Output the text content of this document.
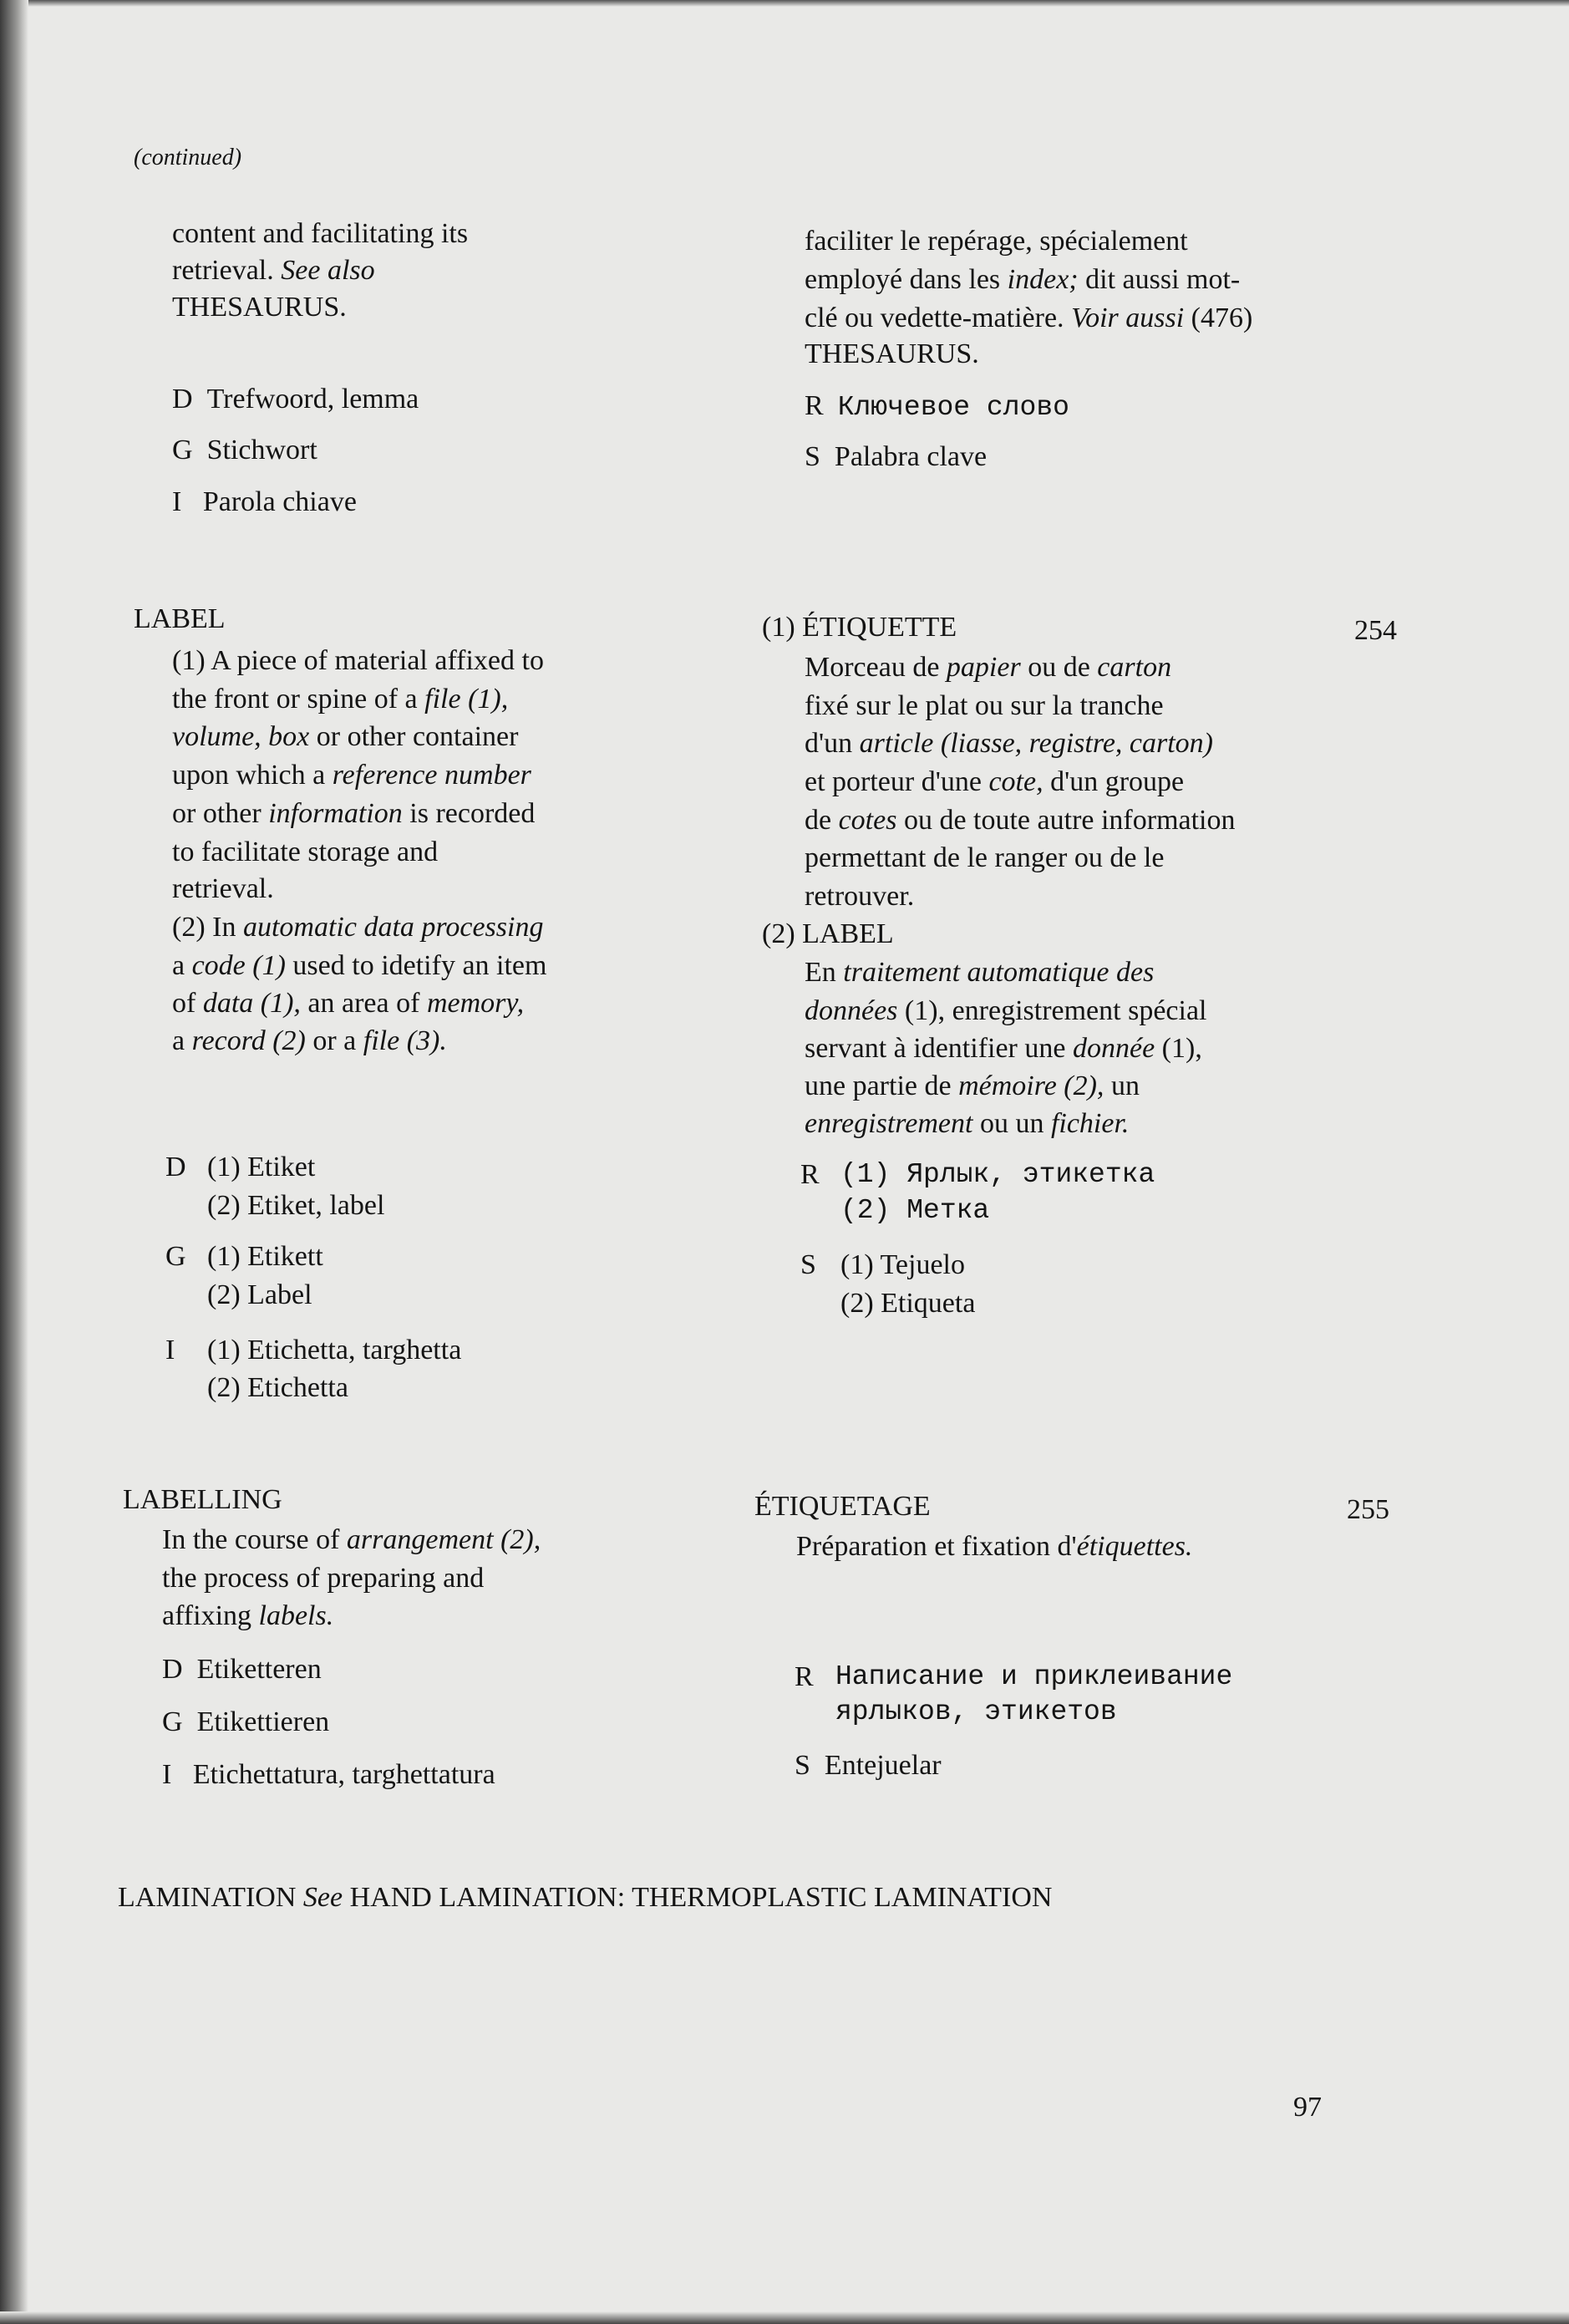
(continued)
content and facilitating its
retrieval. See also
THESAURUS.
D Trefwoord, lemma
G Stichwort
I Parola chiave
faciliter le repérage, spécialement
employé dans les index; dit aussi mot-
clé ou vedette-matière. Voir aussi (476)
THESAURUS.
R Ключевое слово
S Palabra clave
LABEL	(1) ÉTIQUETTE	254
(1) A piece of material affixed to
the front or spine of a file (1),
volume, box or other container
upon which a reference number
or other information is recorded
to facilitate storage and
retrieval.
(2) In automatic data processing
a code (1) used to idetify an item
of data (1), an area of memory,
a record (2) or a file (3).
Morceau de papier ou de carton
fixé sur le plat ou sur la tranche
d'un article (liasse, registre, carton)
et porteur d'une cote, d'un groupe
de cotes ou de toute autre information
permettant de le ranger ou de le
retrouver.
(2) LABEL
En traitement automatique des
données (1), enregistrement spécial
servant à identifier une donnée (1),
une partie de mémoire (2), un
enregistrement ou un fichier.
D (1) Etiket
(2) Etiket, label
G (1) Etikett
(2) Label
I (1) Etichetta, targhetta
(2) Etichetta
R (1) Ярлык, этикетка
(2) Метка
S (1) Tejuelo
(2) Etiqueta
LABELLING	ÉTIQUETAGE	255
In the course of arrangement (2),
the process of preparing and
affixing labels.
Préparation et fixation d'étiquettes.
D Etiketteren
G Etikettieren
I Etichettatura, targhettatura
R Написание и приклеивание
ярлыков, этикетов
S Entejuelar
LAMINATION See HAND LAMINATION: THERMOPLASTIC LAMINATION
97
